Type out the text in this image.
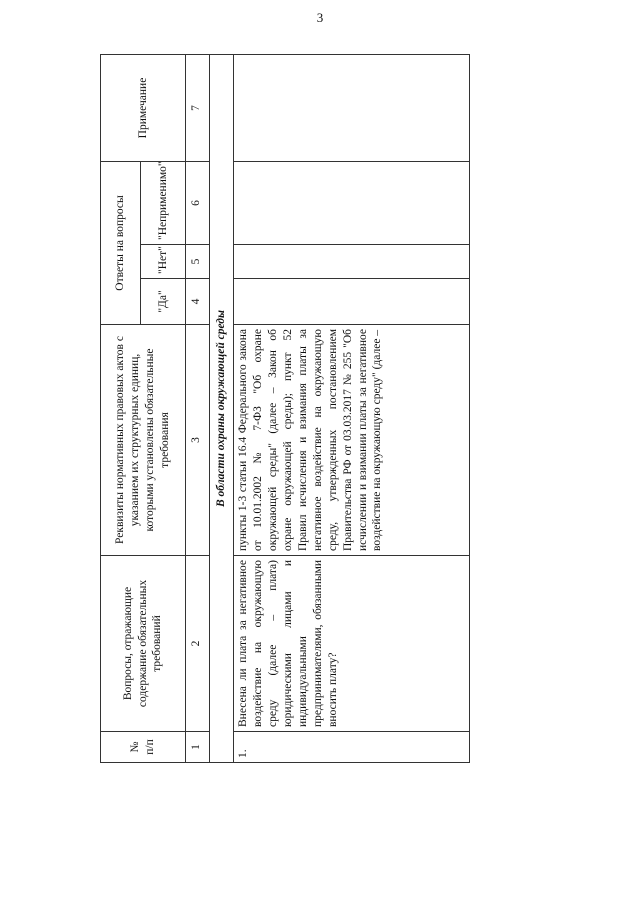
3
№ п/п	Вопросы, отражающие содержание обязательных требований	Реквизиты нормативных правовых актов с указанием их структурных единиц, которыми установлены обязательные требования	Ответы на вопросы			Примечание
			"Да"	"Нет"	"Неприменимо"	
1	2	3	4	5	6	7
В области охраны окружающей среды						
1.	Внесена ли плата за негативное воздействие на окружающую среду (далее – плата) юридическими лицами и индивидуальными предпринимателями, обязанными вносить плату?	пункты 1-3 статьи 16.4 Федерального закона от 10.01.2002 № 7-ФЗ "Об охране окружающей среды" (далее – Закон об охране окружающей среды); пункт 52 Правил исчисления и взимания платы за негативное воздействие на окружающую среду, утвержденных постановлением Правительства РФ от 03.03.2017 № 255 "Об исчислении и взимании платы за негативное воздействие на окружающую среду" (далее –				
